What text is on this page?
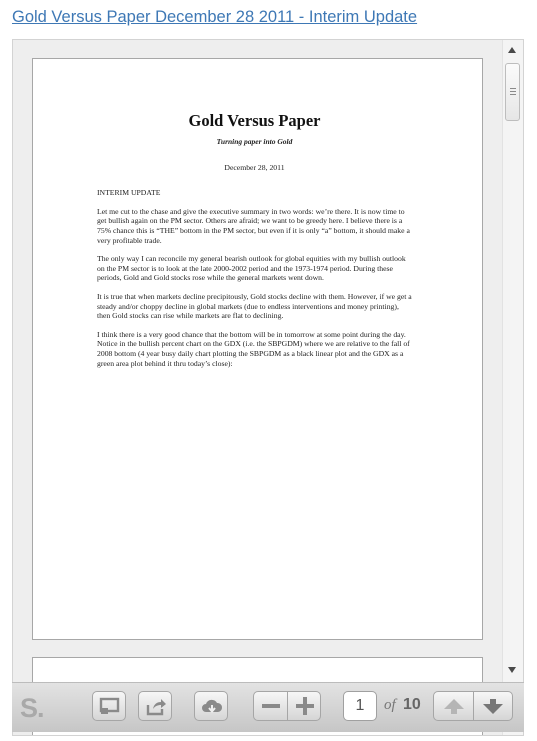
Gold Versus Paper December 28 2011 - Interim Update
Gold Versus Paper
Turning paper into Gold
December 28, 2011
INTERIM UPDATE

Let me cut to the chase and give the executive summary in two words: we’re there. It is now time to get bullish again on the PM sector. Others are afraid; we want to be greedy here. I believe there is a 75% chance this is “THE” bottom in the PM sector, but even if it is only “a” bottom, it should make a very profitable trade.

The only way I can reconcile my general bearish outlook for global equities with my bullish outlook on the PM sector is to look at the late 2000-2002 period and the 1973-1974 period. During these periods, Gold and Gold stocks rose while the general markets went down.

It is true that when markets decline precipitously, Gold stocks decline with them. However, if we get a steady and/or choppy decline in global markets (due to endless interventions and money printing), then Gold stocks can rise while markets are flat to declining.

I think there is a very good chance that the bottom will be in tomorrow at some point during the day. Notice in the bullish percent chart on the GDX (i.e. the SBPGDM) where we are relative to the fall of 2008 bottom (4 year busy daily chart plotting the SBPGDM as a black linear plot and the GDX as a green area plot behind it thru today’s close):

S.	1	of 10
